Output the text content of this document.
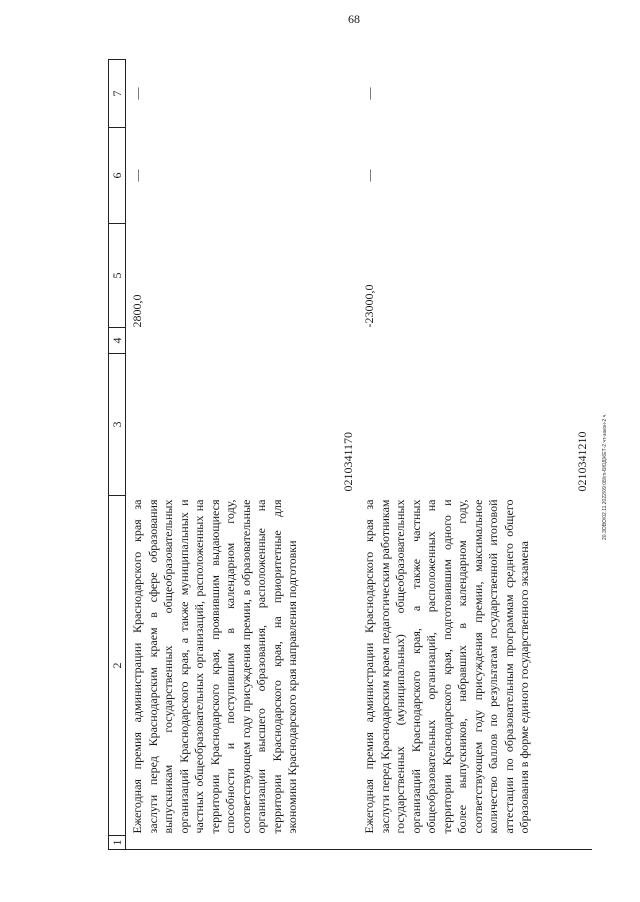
68
20.ЗОВО/02.11.2022/09:08/im-БЮДЖЕТ-2 чт-закон-2 ч.
1	2	3	4	5	6	7
	Ежегодная премия администрации Краснодарского края за заслуги перед Краснодарским краем в сфере образования выпускникам государственных общеобразовательных организаций Краснодарского края, а также муниципальных и частных общеобразовательных организаций, расположенных на территории Краснодарского края, проявившим выдающиеся способности и поступившим в календарном году, соответствующем году присуждения премии, в образовательные организации высшего образования, расположенные на территории Краснодарского края, на приоритетные для экономики Краснодарского края направления подготовки	0210341170		2800,0	—	—
	Ежегодная премия администрации Краснодарского края за заслуги перед Краснодарским краем педагогическим работникам государственных (муниципальных) общеобразовательных организаций Краснодарского края, а также частных общеобразовательных организаций, расположенных на территории Краснодарского края, подготовившим одного и более выпускников, набравших в календарном году, соответствующем году присуждения премии, максимальное количество баллов по результатам государственной итоговой аттестации по образовательным программам среднего общего образования в форме единого государственного экзамена	0210341210		-23000,0	—	—
